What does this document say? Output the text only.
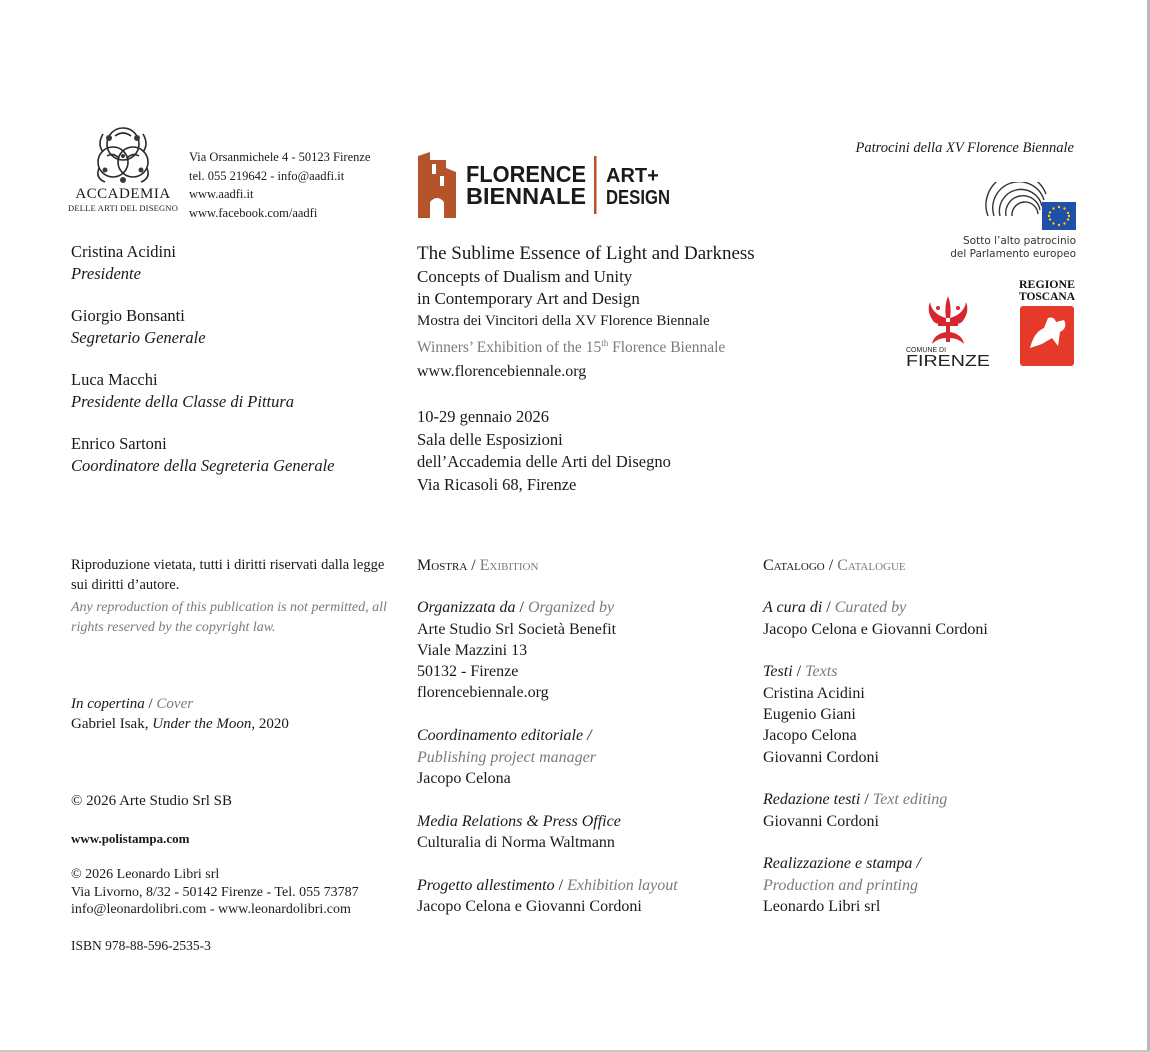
ACCADEMIA
DELLE ARTI DEL DISEGNO
Via Orsanmichele 4 - 50123 Firenze
tel. 055 219642 - info@aadfi.it
www.aadfi.it
www.facebook.com/aadfi
Cristina Acidini
Presidente
Giorgio Bonsanti
Segretario Generale
Luca Macchi
Presidente della Classe di Pittura
Enrico Sartoni
Coordinatore della Segreteria Generale
FLORENCE
BIENNALE
ART+
DESIGN
The Sublime Essence of Light and Darkness
Concepts of Dualism and Unity
in Contemporary Art and Design
Mostra dei Vincitori della XV Florence Biennale
Winners’ Exhibition of the 15th Florence Biennale
www.florencebiennale.org
10-29 gennaio 2026
Sala delle Esposizioni
dell’Accademia delle Arti del Disegno
Via Ricasoli 68, Firenze
Patrocini della XV Florence Biennale
Sotto l’alto patrocinio
del Parlamento europeo
COMUNE DI
FIRENZE
REGIONE
TOSCANA
Riproduzione vietata, tutti i diritti riservati dalla legge sui diritti d’autore.
Any reproduction of this publication is not permitted, all rights reserved by the copyright law.
In copertina / Cover
Gabriel Isak, Under the Moon, 2020
© 2026 Arte Studio Srl SB
www.polistampa.com
© 2026 Leonardo Libri srl
Via Livorno, 8/32 - 50142 Firenze - Tel. 055 73787
info@leonardolibri.com - www.leonardolibri.com
ISBN 978-88-596-2535-3
Mostra / Exibition
Organizzata da / Organized by
Arte Studio Srl Società Benefit
Viale Mazzini 13
50132 - Firenze
florencebiennale.org
Coordinamento editoriale /
Publishing project manager
Jacopo Celona
Media Relations & Press Office
Culturalia di Norma Waltmann
Progetto allestimento / Exhibition layout
Jacopo Celona e Giovanni Cordoni
Catalogo / Catalogue
A cura di / Curated by
Jacopo Celona e Giovanni Cordoni
Testi / Texts
Cristina Acidini
Eugenio Giani
Jacopo Celona
Giovanni Cordoni
Redazione testi / Text editing
Giovanni Cordoni
Realizzazione e stampa /
Production and printing
Leonardo Libri srl
